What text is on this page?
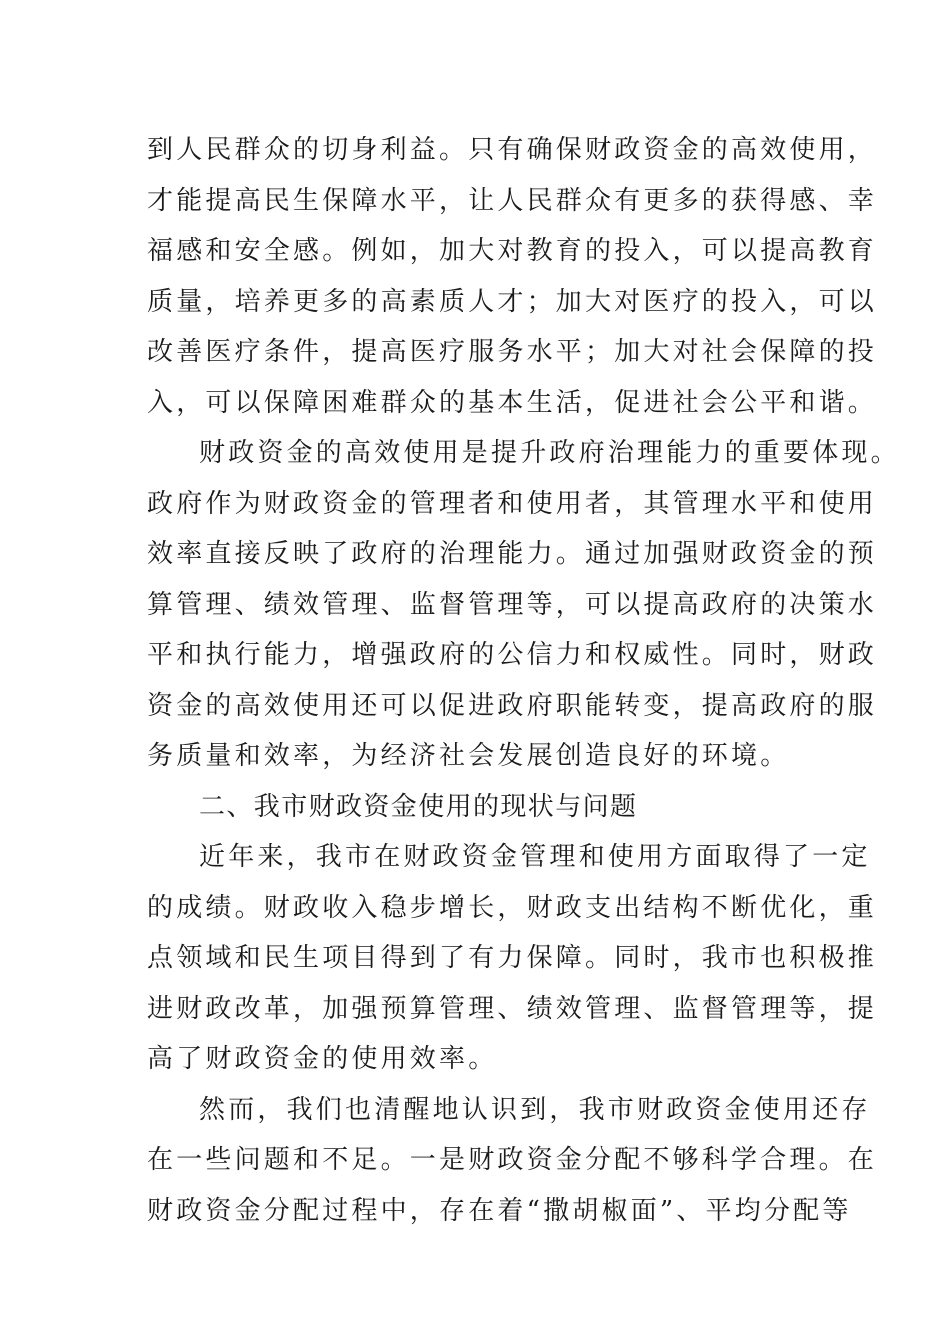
到人民群众的切身利益。只有确保财政资金的高效使用，
才能提高民生保障水平，让人民群众有更多的获得感、幸
福感和安全感。例如，加大对教育的投入，可以提高教育
质量，培养更多的高素质人才；加大对医疗的投入，可以
改善医疗条件，提高医疗服务水平；加大对社会保障的投
入，可以保障困难群众的基本生活，促进社会公平和谐。
财政资金的高效使用是提升政府治理能力的重要体现。
政府作为财政资金的管理者和使用者，其管理水平和使用
效率直接反映了政府的治理能力。通过加强财政资金的预
算管理、绩效管理、监督管理等，可以提高政府的决策水
平和执行能力，增强政府的公信力和权威性。同时，财政
资金的高效使用还可以促进政府职能转变，提高政府的服
务质量和效率，为经济社会发展创造良好的环境。
二、我市财政资金使用的现状与问题
近年来，我市在财政资金管理和使用方面取得了一定
的成绩。财政收入稳步增长，财政支出结构不断优化，重
点领域和民生项目得到了有力保障。同时，我市也积极推
进财政改革，加强预算管理、绩效管理、监督管理等，提
高了财政资金的使用效率。
然而，我们也清醒地认识到，我市财政资金使用还存
在一些问题和不足。一是财政资金分配不够科学合理。在
财政资金分配过程中，存在着“撒胡椒面”、平均分配等
